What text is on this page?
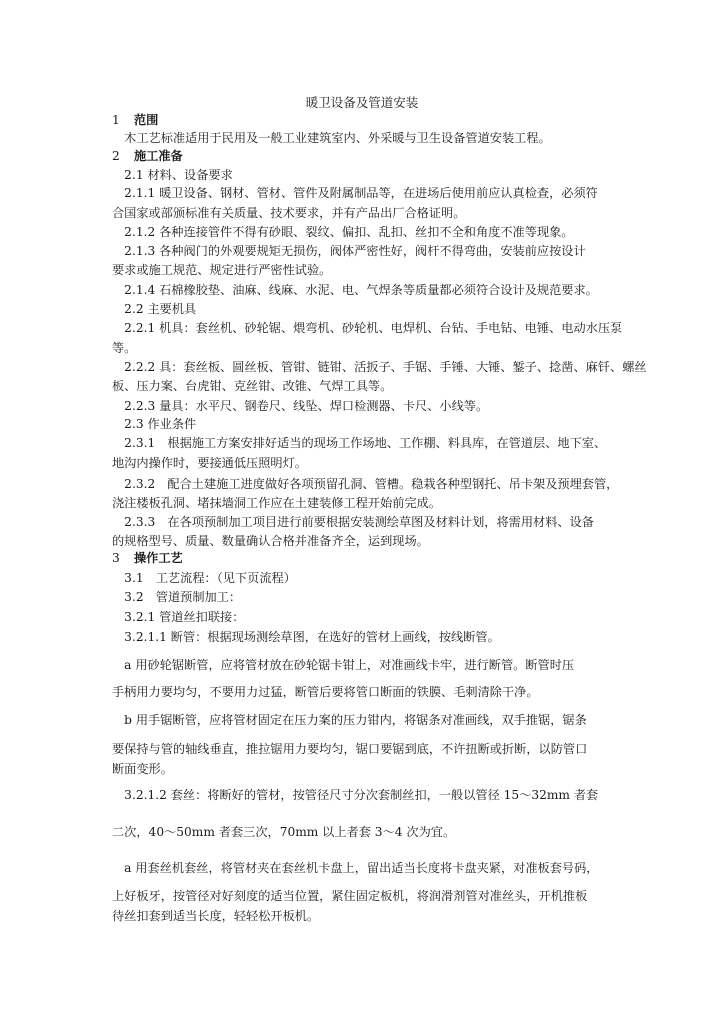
暖卫设备及管道安装
1 范围
　木工艺标准适用于民用及一般工业建筑室内、外采暖与卫生设备管道安装工程。
2 施工准备
　2.1 材料、设备要求
　2.1.1 暖卫设备、钢材、管材、管件及附属制品等，在进场后使用前应认真检查，必须符
合国家或部颁标准有关质量、技术要求，并有产品出厂合格证明。
　2.1.2 各种连接管件不得有砂眼、裂纹、偏扣、乱扣、丝扣不全和角度不准等现象。
　2.1.3 各种阀门的外观要规矩无损伤，阀体严密性好，阀杆不得弯曲，安装前应按设计
要求或施工规范、规定进行严密性试验。
　2.1.4 石棉橡胶垫、油麻、线麻、水泥、电、气焊条等质量都必须符合设计及规范要求。
　2.2 主要机具
　2.2.1 机具：套丝机、砂轮锯、煨弯机、砂轮机、电焊机、台钻、手电钻、电锤、电动水压泵
等。
　2.2.2 具：套丝板、圆丝板、管钳、链钳、活扳子、手锯、手锤、大锤、錾子、捻凿、麻钎、螺丝
板、压力案、台虎钳、克丝钳、改锥、气焊工具等。
　2.2.3 量具：水平尺、钢卷尺、线坠、焊口检测器、卡尺、小线等。
　2.3 作业条件
　2.3.1　根据施工方案安排好适当的现场工作场地、工作棚、料具库，在管道层、地下室、
地沟内操作时，要接通低压照明灯。
　2.3.2　配合土建施工进度做好各项预留孔洞、管槽。稳栽各种型钢托、吊卡架及预埋套管，
浇注楼板孔洞、堵抹墙洞工作应在土建装修工程开始前完成。
　2.3.3　在各项预制加工项目进行前要根据安装测绘草图及材料计划，将需用材料、设备
的规格型号、质量、数量确认合格并准备齐全，运到现场。
3 操作工艺
　3.1　工艺流程：（见下页流程）
　3.2　管道预制加工：
　3.2.1 管道丝扣联接：
　3.2.1.1 断管：根据现场测绘草图，在选好的管材上画线，按线断管。
　a 用砂轮锯断管，应将管材放在砂轮锯卡钳上，对准画线卡牢，进行断管。断管时压
手柄用力要均匀，不要用力过猛，断管后要将管口断面的铁膜、毛刺清除干净。
　b 用手锯断管，应将管材固定在压力案的压力钳内，将锯条对准画线，双手推锯，锯条
要保持与管的轴线垂直，推拉锯用力要均匀，锯口要锯到底，不许扭断或折断，以防管口
断面变形。
　3.2.1.2 套丝：将断好的管材，按管径尺寸分次套制丝扣，一般以管径 15～32mm 者套
二次，40～50mm 者套三次，70mm 以上者套 3～4 次为宜。
　a 用套丝机套丝，将管材夹在套丝机卡盘上，留出适当长度将卡盘夹紧，对准板套号码，
上好板牙，按管径对好刻度的适当位置，紧住固定板机，将润滑剂管对准丝头，开机推板
待丝扣套到适当长度，轻轻松开板机。
